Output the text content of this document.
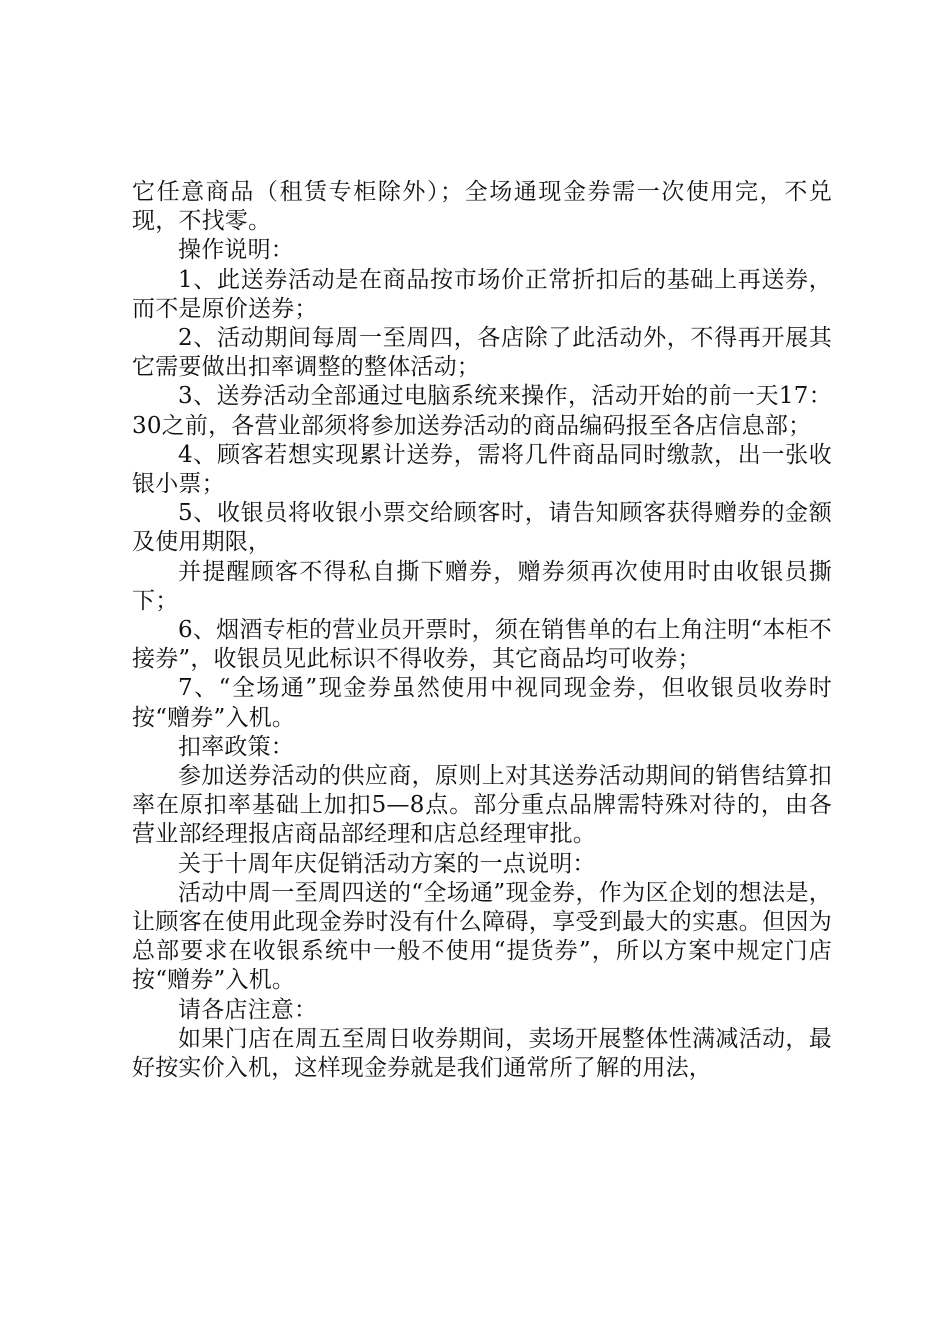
它任意商品（租赁专柜除外）；全场通现金券需一次使用完，不兑现，不找零。

操作说明：

1、此送券活动是在商品按市场价正常折扣后的基础上再送券，而不是原价送券；

2、活动期间每周一至周四，各店除了此活动外，不得再开展其它需要做出扣率调整的整体活动；

3、送券活动全部通过电脑系统来操作，活动开始的前一天17：30之前，各营业部须将参加送券活动的商品编码报至各店信息部；

4、顾客若想实现累计送券，需将几件商品同时缴款，出一张收银小票；

5、收银员将收银小票交给顾客时，请告知顾客获得赠券的金额及使用期限，

并提醒顾客不得私自撕下赠券，赠券须再次使用时由收银员撕下；

6、烟酒专柜的营业员开票时，须在销售单的右上角注明“本柜不接券”，收银员见此标识不得收券，其它商品均可收券；

7、“全场通”现金券虽然使用中视同现金券，但收银员收券时按“赠券”入机。

扣率政策：

参加送券活动的供应商，原则上对其送券活动期间的销售结算扣率在原扣率基础上加扣5—8点。部分重点品牌需特殊对待的，由各营业部经理报店商品部经理和店总经理审批。

关于十周年庆促销活动方案的一点说明：

活动中周一至周四送的“全场通”现金券，作为区企划的想法是，让顾客在使用此现金券时没有什么障碍，享受到最大的实惠。但因为总部要求在收银系统中一般不使用“提货券”，所以方案中规定门店按“赠券”入机。

请各店注意：

如果门店在周五至周日收券期间，卖场开展整体性满减活动，最好按实价入机，这样现金券就是我们通常所了解的用法，
